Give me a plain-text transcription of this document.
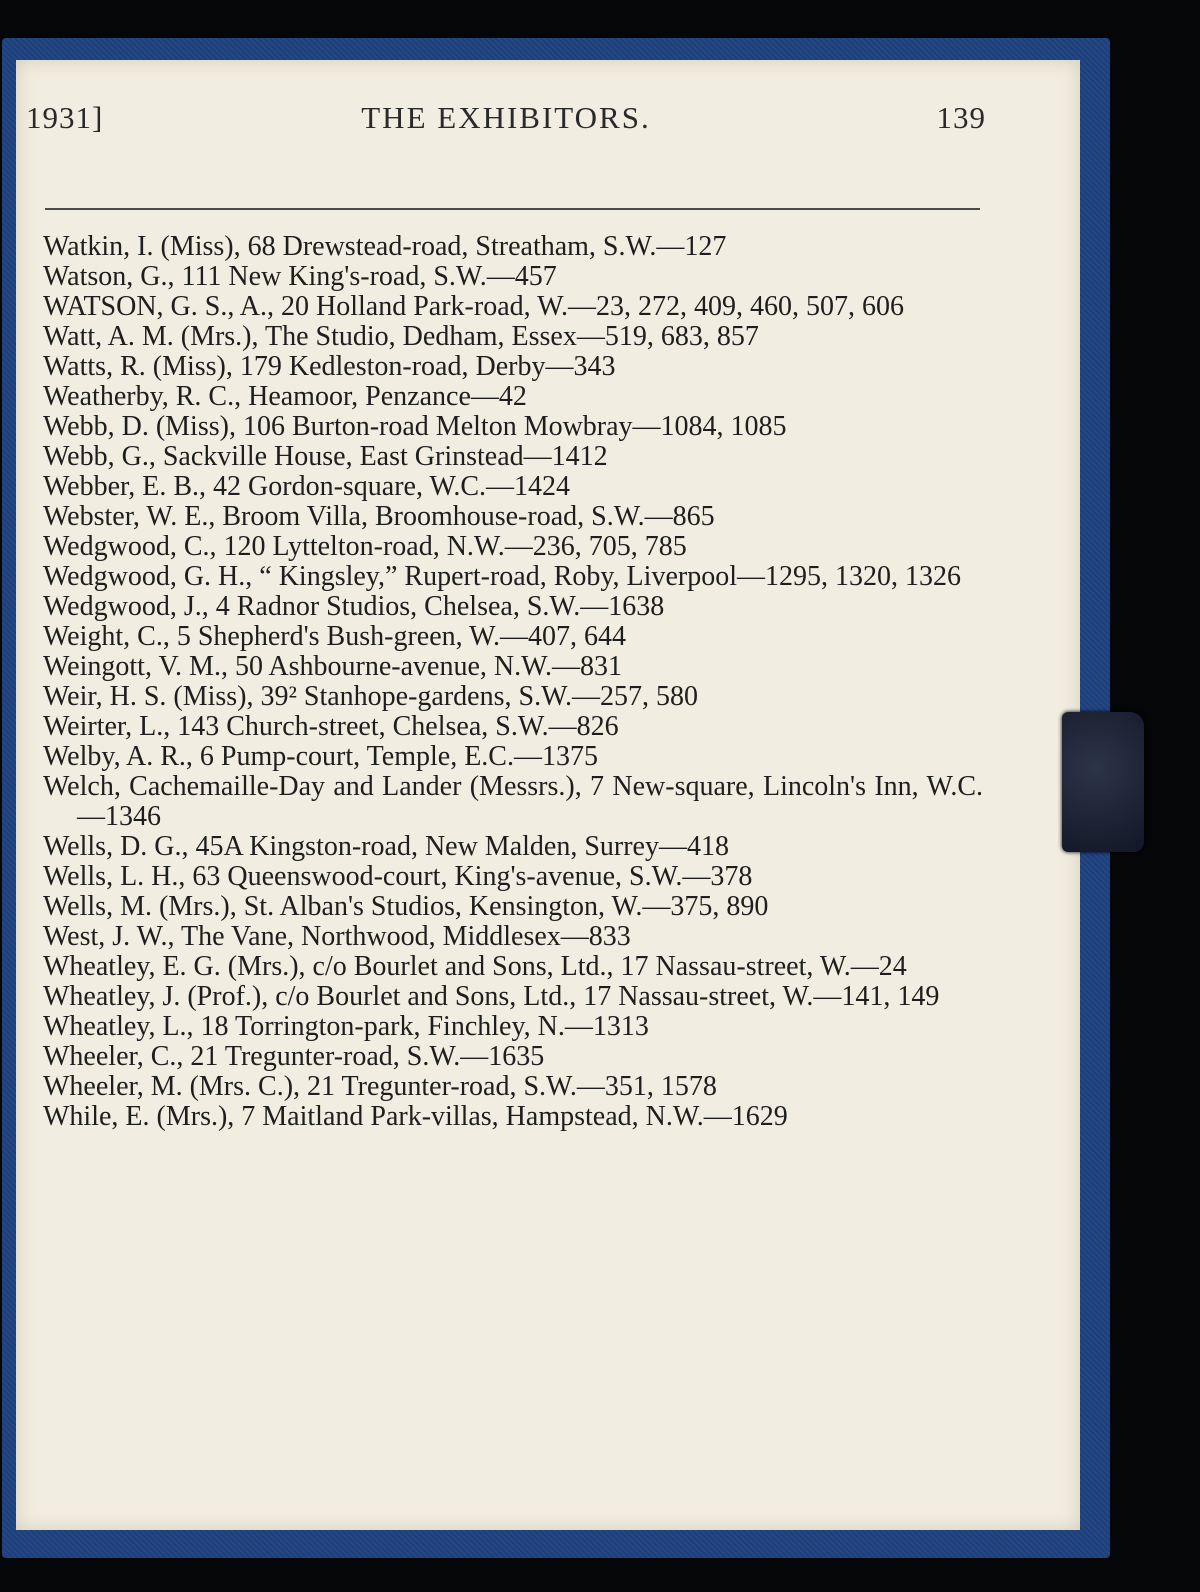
1931]	THE EXHIBITORS.	139
Watkin, I. (Miss), 68 Drewstead-road, Streatham, S.W.—127
Watson, G., 111 New King's-road, S.W.—457
WATSON, G. S., A., 20 Holland Park-road, W.—23, 272, 409, 460, 507, 606
Watt, A. M. (Mrs.), The Studio, Dedham, Essex—519, 683, 857
Watts, R. (Miss), 179 Kedleston-road, Derby—343
Weatherby, R. C., Heamoor, Penzance—42
Webb, D. (Miss), 106 Burton-road Melton Mowbray—1084, 1085
Webb, G., Sackville House, East Grinstead—1412
Webber, E. B., 42 Gordon-square, W.C.—1424
Webster, W. E., Broom Villa, Broomhouse-road, S.W.—865
Wedgwood, C., 120 Lyttelton-road, N.W.—236, 705, 785
Wedgwood, G. H., “ Kingsley,” Rupert-road, Roby, Liverpool—1295, 1320, 1326
Wedgwood, J., 4 Radnor Studios, Chelsea, S.W.—1638
Weight, C., 5 Shepherd's Bush-green, W.—407, 644
Weingott, V. M., 50 Ashbourne-avenue, N.W.—831
Weir, H. S. (Miss), 39² Stanhope-gardens, S.W.—257, 580
Weirter, L., 143 Church-street, Chelsea, S.W.—826
Welby, A. R., 6 Pump-court, Temple, E.C.—1375
Welch, Cachemaille-Day and Lander (Messrs.), 7 New-square, Lincoln's Inn, W.C.—1346
Wells, D. G., 45A Kingston-road, New Malden, Surrey—418
Wells, L. H., 63 Queenswood-court, King's-avenue, S.W.—378
Wells, M. (Mrs.), St. Alban's Studios, Kensington, W.—375, 890
West, J. W., The Vane, Northwood, Middlesex—833
Wheatley, E. G. (Mrs.), c/o Bourlet and Sons, Ltd., 17 Nassau-street, W.—24
Wheatley, J. (Prof.), c/o Bourlet and Sons, Ltd., 17 Nassau-street, W.—141, 149
Wheatley, L., 18 Torrington-park, Finchley, N.—1313
Wheeler, C., 21 Tregunter-road, S.W.—1635
Wheeler, M. (Mrs. C.), 21 Tregunter-road, S.W.—351, 1578
While, E. (Mrs.), 7 Maitland Park-villas, Hampstead, N.W.—1629
